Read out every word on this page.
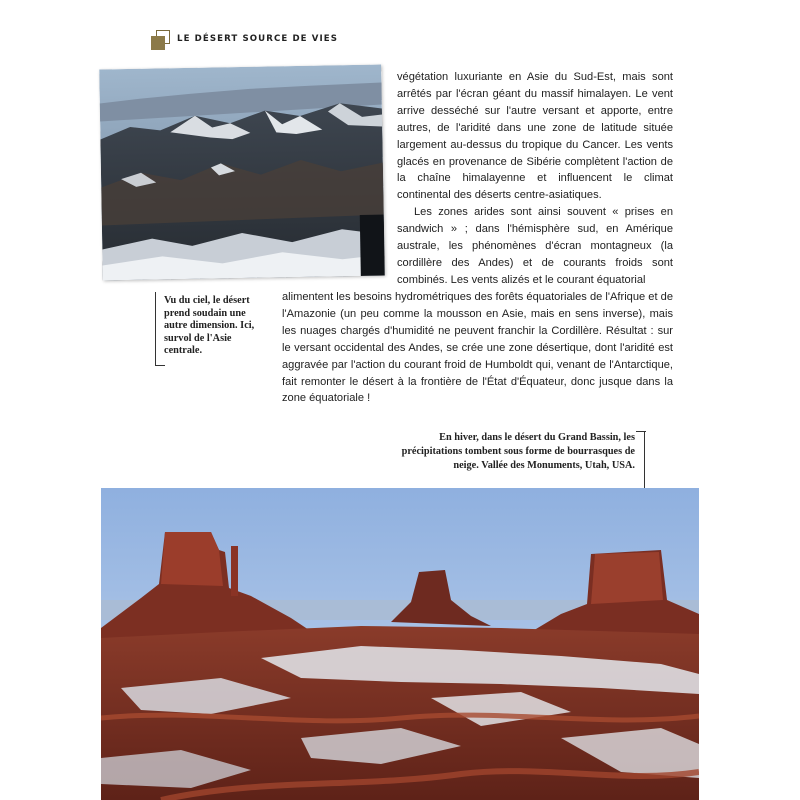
LE DÉSERT SOURCE DE VIES

Vu du ciel, le désert prend soudain une autre dimension. Ici, survol de l'Asie centrale.

végétation luxuriante en Asie du Sud-Est, mais sont arrêtés par l'écran géant du massif himalayen. Le vent arrive desséché sur l'autre versant et apporte, entre autres, de l'aridité dans une zone de latitude située largement au-dessus du tropique du Cancer. Les vents glacés en provenance de Sibérie complètent l'action de la chaîne himalayenne et influencent le climat continental des déserts centre-asiatiques.

Les zones arides sont ainsi souvent « prises en sandwich » ; dans l'hémisphère sud, en Amérique australe, les phénomènes d'écran montagneux (la cordillère des Andes) et de courants froids sont combinés. Les vents alizés et le courant équatorial

alimentent les besoins hydrométriques des forêts équatoriales de l'Afrique et de l'Amazonie (un peu comme la mousson en Asie, mais en sens inverse), mais les nuages chargés d'humidité ne peuvent franchir la Cordillère. Résultat : sur le versant occidental des Andes, se crée une zone désertique, dont l'aridité est aggravée par l'action du courant froid de Humboldt qui, venant de l'Antarctique, fait remonter le désert à la frontière de l'État d'Équateur, donc jusque dans la zone équatoriale !

En hiver, dans le désert du Grand Bassin, les précipitations tombent sous forme de bourrasques de neige. Vallée des Monuments, Utah, USA.
